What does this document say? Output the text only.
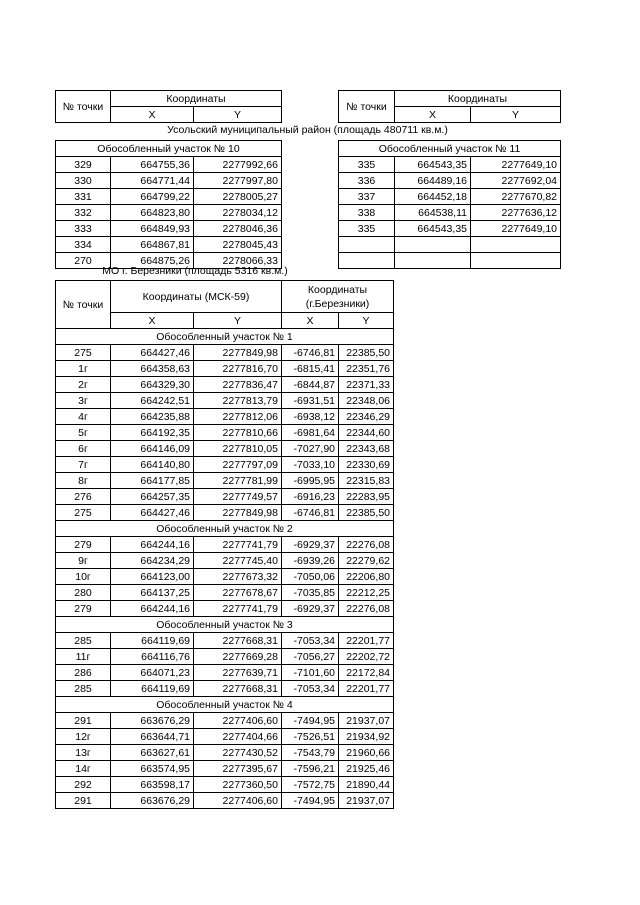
№ точки	Координаты	
	X	Y
№ точки	Координаты	
	X	Y
Усольский муниципальный район (площадь 480711 кв.м.)
Обособленный участок № 10		
329	664755,36	2277992,66
330	664771,44	2277997,80
331	664799,22	2278005,27
332	664823,80	2278034,12
333	664849,93	2278046,36
334	664867,81	2278045,43
270	664875,26	2278066,33
Обособленный участок № 11		
335	664543,35	2277649,10
336	664489,16	2277692,04
337	664452,18	2277670,82
338	664538,11	2277636,12
335	664543,35	2277649,10

МО г. Березники (площадь 5316 кв.м.)
№ точки	Координаты (МСК-59)		Координаты (г.Березники)	
	X	Y	X	Y
Обособленный участок № 1				
275	664427,46	2277849,98	-6746,81	22385,50
1г	664358,63	2277816,70	-6815,41	22351,76
2г	664329,30	2277836,47	-6844,87	22371,33
3г	664242,51	2277813,79	-6931,51	22348,06
4г	664235,88	2277812,06	-6938,12	22346,29
5г	664192,35	2277810,66	-6981,64	22344,60
6г	664146,09	2277810,05	-7027,90	22343,68
7г	664140,80	2277797,09	-7033,10	22330,69
8г	664177,85	2277781,99	-6995,95	22315,83
276	664257,35	2277749,57	-6916,23	22283,95
275	664427,46	2277849,98	-6746,81	22385,50
Обособленный участок № 2				
279	664244,16	2277741,79	-6929,37	22276,08
9г	664234,29	2277745,40	-6939,26	22279,62
10г	664123,00	2277673,32	-7050,06	22206,80
280	664137,25	2277678,67	-7035,85	22212,25
279	664244,16	2277741,79	-6929,37	22276,08
Обособленный участок № 3				
285	664119,69	2277668,31	-7053,34	22201,77
11г	664116,76	2277669,28	-7056,27	22202,72
286	664071,23	2277639,71	-7101,60	22172,84
285	664119,69	2277668,31	-7053,34	22201,77
Обособленный участок № 4				
291	663676,29	2277406,60	-7494,95	21937,07
12г	663644,71	2277404,66	-7526,51	21934,92
13г	663627,61	2277430,52	-7543,79	21960,66
14г	663574,95	2277395,67	-7596,21	21925,46
292	663598,17	2277360,50	-7572,75	21890,44
291	663676,29	2277406,60	-7494,95	21937,07
